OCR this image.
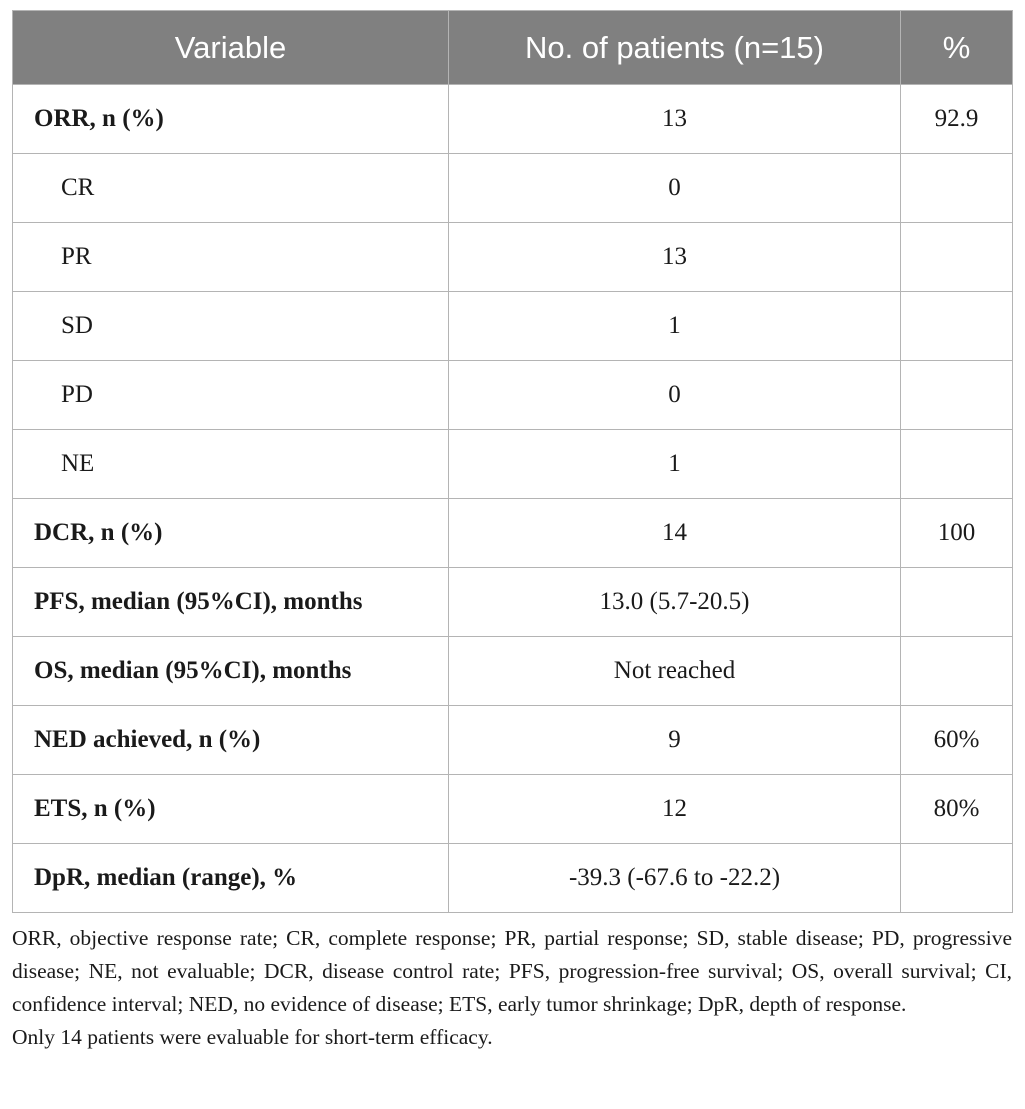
Variable	No. of patients (n=15)	%
ORR, n (%)	13	92.9
CR	0	
PR	13	
SD	1	
PD	0	
NE	1	
DCR, n (%)	14	100
PFS, median (95%CI), months	13.0 (5.7-20.5)	
OS, median (95%CI), months	Not reached	
NED achieved, n (%)	9	60%
ETS, n (%)	12	80%
DpR, median (range), %	-39.3 (-67.6 to -22.2)	

ORR, objective response rate; CR, complete response; PR, partial response; SD, stable disease; PD, progressive disease; NE, not evaluable; DCR, disease control rate; PFS, progression-free survival; OS, overall survival; CI, confidence interval; NED, no evidence of disease; ETS, early tumor shrinkage; DpR, depth of response.

Only 14 patients were evaluable for short-term efficacy.
